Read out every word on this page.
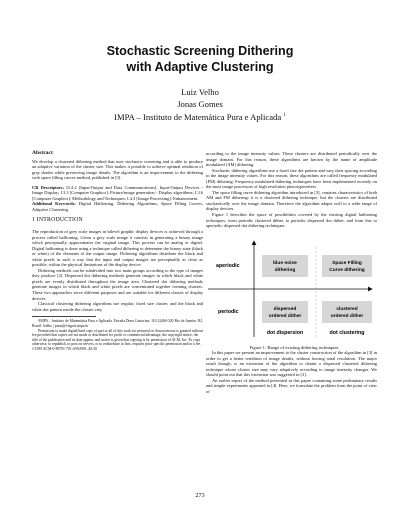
Stochastic Screening Dithering
with Adaptive Clustering
Luiz Velho
Jonas Gomes
IMPA – Instituto de Matemática Pura e Aplicada $^1$
Abstract

We develop a clustered dithering method that uses stochastic screening and is able to produce an adaptive variation of the cluster size. This makes it possible to achieve optimal rendition of gray shades while preserving image details. The algorithm is an improvement to the dithering with space filling curves method, published in [3].

CR Descriptors: I3.4.2 [Input/Output and Data Communications]: Input-Output Devices - Image Display; I.3.3 [Computer Graphics]: Picture/image generation - Display algorithms; I.3.6 [Computer Graphics]: Methodology and Techniques; I.4.3 [Image Processing]: Enhancement.

Additional Keywords: Digital Halftoning, Dithering Algorithms, Space Filling Curves, Adaptive Clustering.

1 INTRODUCTION

The reproduction of grey scale images in bilevel graphic display devices is achieved through a process called halftoning. Given a grey scale image it consists in generating a binary image which perceptually, approximates the original image. This process can be analog or digital. Digital halftoning is done using a technique called dithering to determine the binary state (black or white) of the elements of the output image. Dithering algorithms distribute the black and white pixels in such a way that the input and output images are perceptually as close as possible, within the physical limitations of the display device.

Dithering methods can be subdivided into two main groups according to the type of images they produce [2]. Dispersed dot dithering methods generate images in which black and white pixels are evenly distributed throughout the image area. Clustered dot dithering methods generate images in which black and white pixels are concentrated together forming clusters. These two approaches serve different purposes and are suitable for different classes of display devices.

Classical clustering dithering algorithms use regular, fixed size cluster, and the black and white dot pattern inside the cluster vary

¹IMPA – Instituto de Matemática Pura e Aplicada, Estrada Dona Castorina, 110 22460-320 Rio de Janeiro, RJ, Brazil. lvelho | jonas@visgraf.impa.br

Permission to make digital/hard copy of part or all of this work for personal or classroom use is granted without fee provided that copies are not made or distributed for profit or commercial advantage, the copyright notice, the title of the publication and its date appear, and notice is given that copying is by permission of ACM, Inc. To copy otherwise, to republish, to post on servers, or to redistribute to lists, requires prior specific permission and/or a fee.
©1995 ACM-0-89791-701-4/95/008...$3.50

according to the image intensity values. These clusters are distributed periodically over the image domain. For this reason, these algorithms are known by the name of amplitude modulated (AM) dithering.

Stochastic dithering algorithms use a fixed size dot pattern and vary their spacing according to the image intensity values. For this reason, these algorithms are called frequency modulated (FM) dithering. Frequency modulated dithering techniques have been implemented recently on the most image processors of high resolution phototypesetters.

The space filling curve dithering algorithm introduced in [3], contains characteristics of both AM and FM dithering: it is a clustered dithering technique, but the clusters are distributed stochastically over the image domain. Therefore the algorithm adapts well to a wide range of display devices.

Figure 1 describes the space of possibilities covered by the existing digital halftoning techniques: from periodic clustered dither, to periodic dispersed dot dither, and from this to aperiodic dispersed dot dithering techniques.

aperiodic
periodic
blue noise
dithering
Space Filling
Curve dithering
dispersed
ordered dither
clustered
ordered dither
dot dispersion	dot clustering

Figure 1: Range of existing dithering techniques.

In this paper we present an improvement to the cluster construction of the algorithm in [3] in order to get a better rendition of image details, without loosing tonal resolution. The major result though, is an extension of the algorithm to obtain a dispersed clustered dithering technique whose cluster size may vary adaptively according to image intensity changes. We should point out that this extension was suggested in [3].

An earlier report of the method presented in this paper containing some preliminary results and simple experiments appeared in [4]. Here, we formulate the problem from the point of view of

273
